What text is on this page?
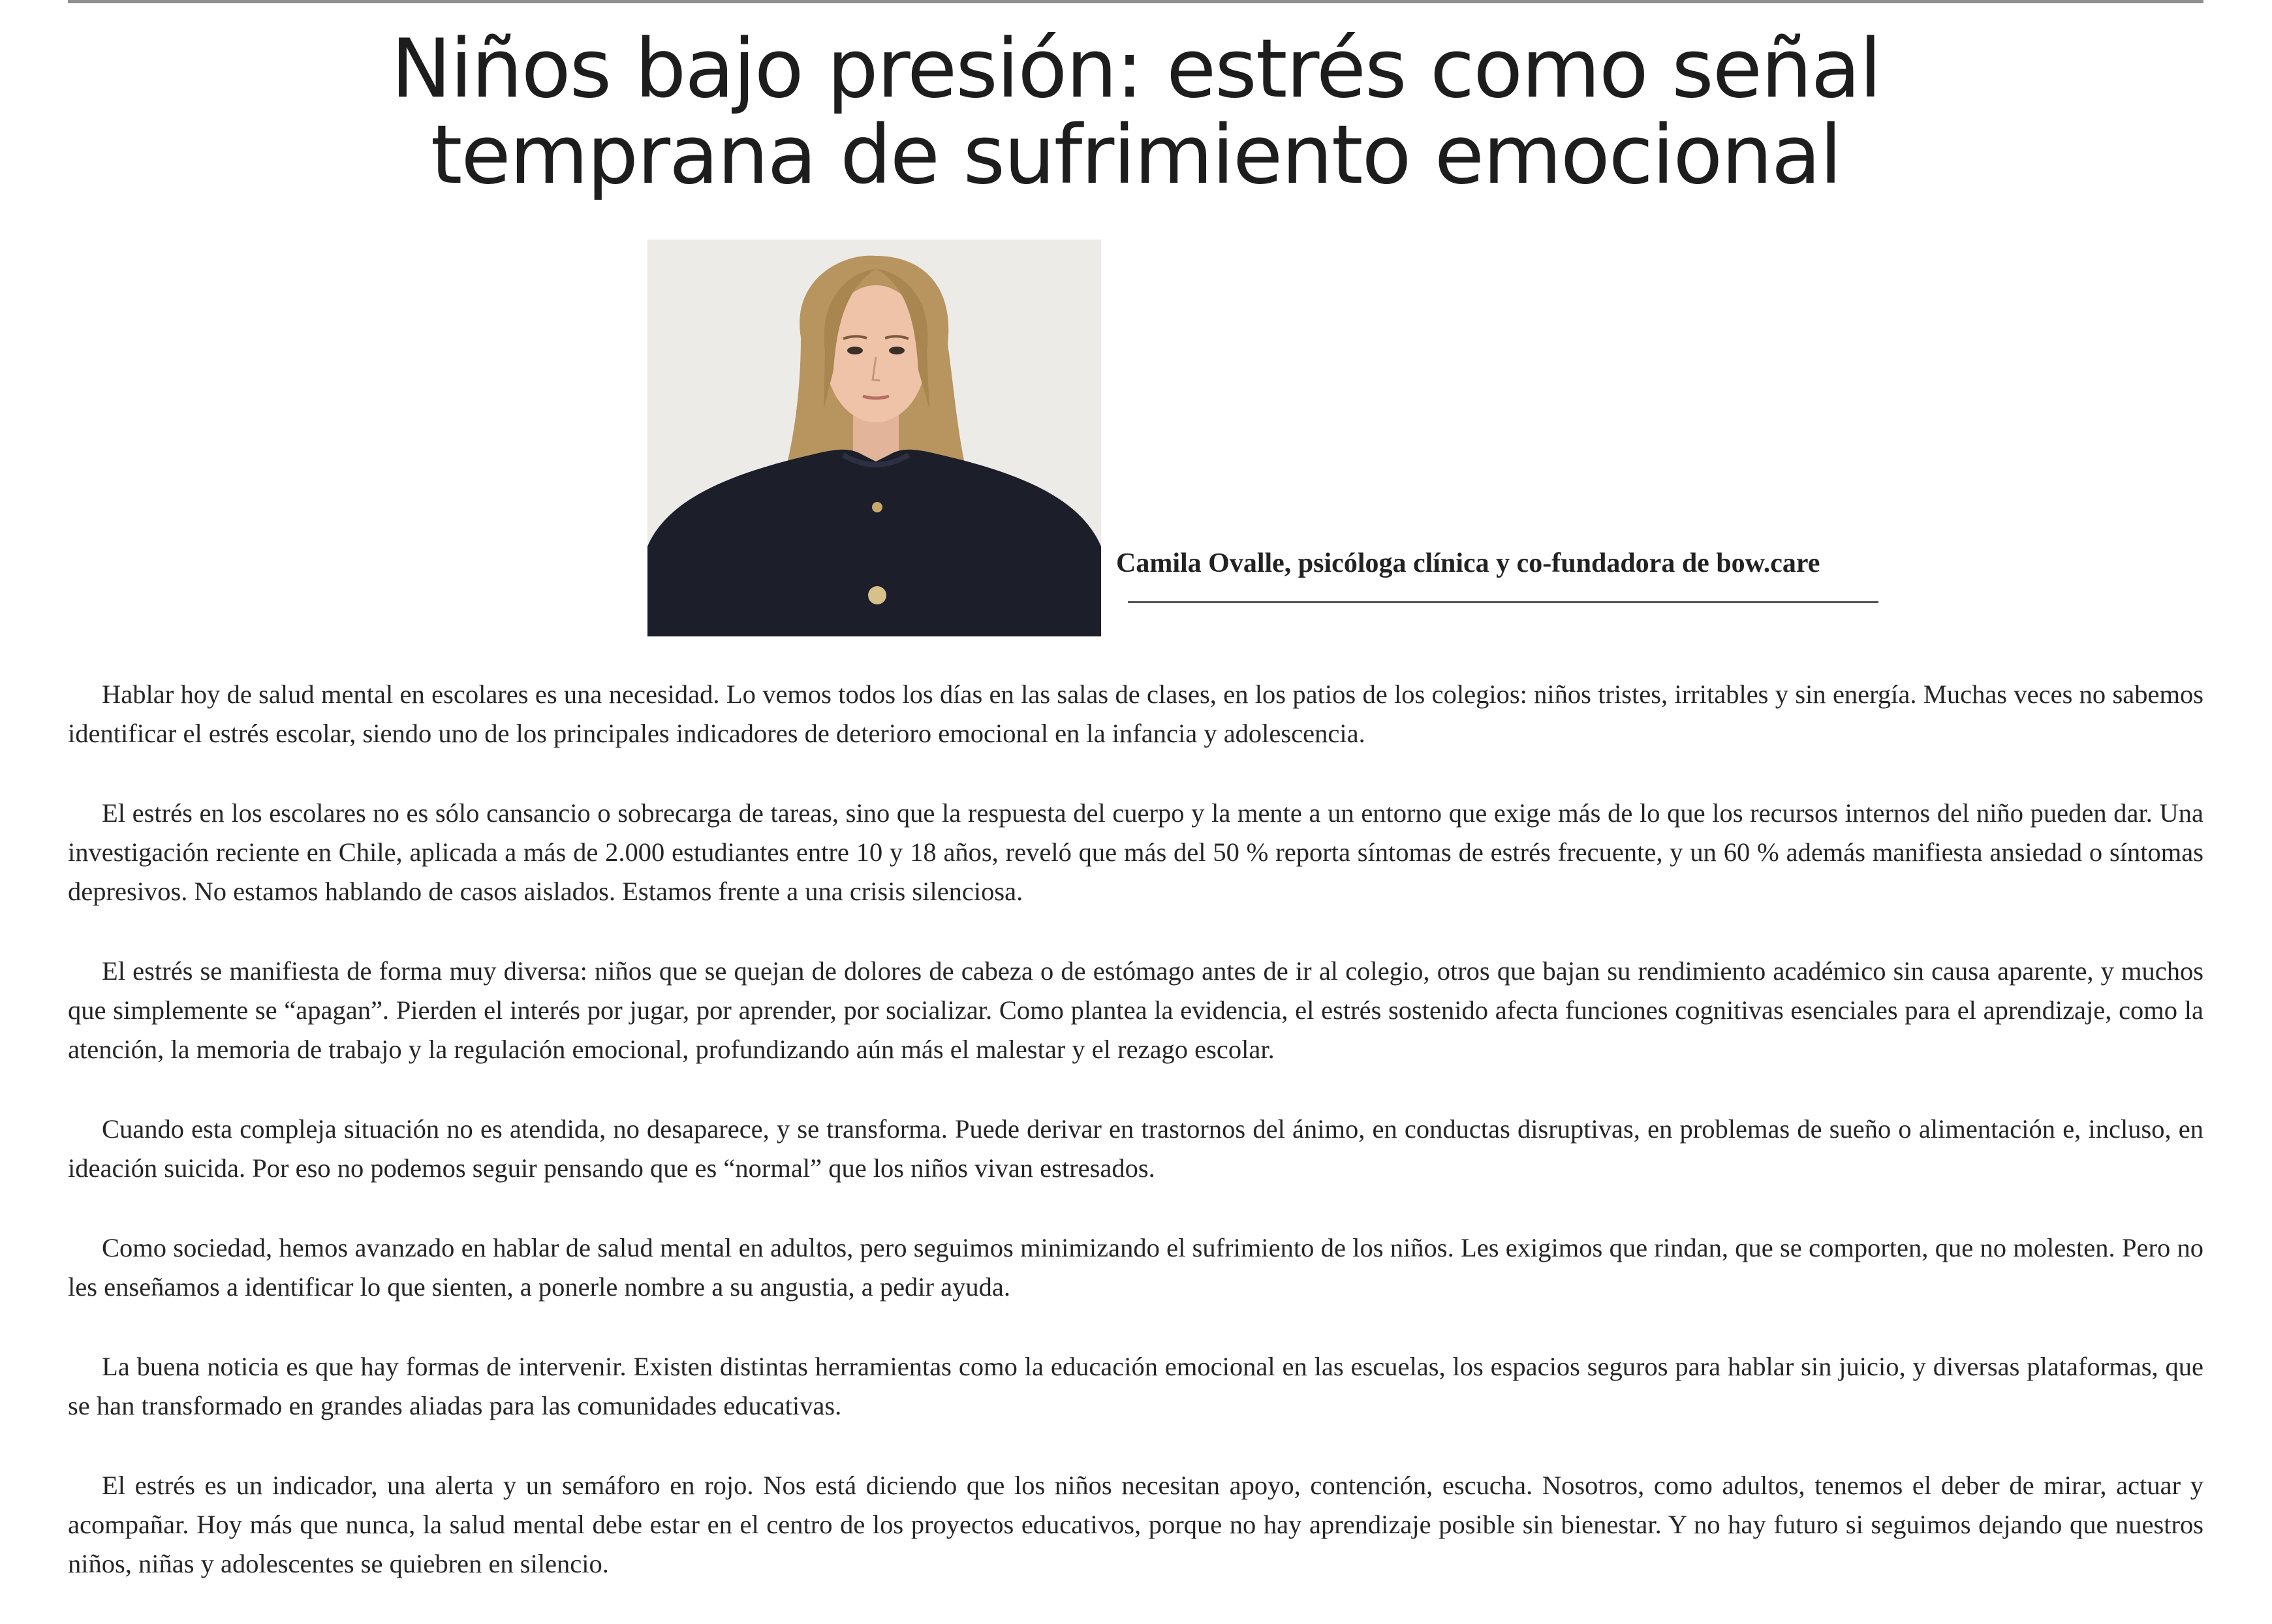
Niños bajo presión: estrés como señal
temprana de sufrimiento emocional
Camila Ovalle, psicóloga clínica y co-fundadora de bow.care

Hablar hoy de salud mental en escolares es una necesidad. Lo vemos todos los días en las salas de clases, en los patios de los colegios: niños tristes, irritables y sin energía. Muchas veces no sabemos identificar el estrés escolar, siendo uno de los principales indicadores de deterioro emocional en la infancia y adolescencia.

El estrés en los escolares no es sólo cansancio o sobrecarga de tareas, sino que la respuesta del cuerpo y la mente a un entorno que exige más de lo que los recursos internos del niño pueden dar. Una investigación reciente en Chile, aplicada a más de 2.000 estudiantes entre 10 y 18 años, reveló que más del 50 % reporta síntomas de estrés frecuente, y un 60 % además manifiesta ansiedad o síntomas depresivos. No estamos hablando de casos aislados. Estamos frente a una crisis silenciosa.

El estrés se manifiesta de forma muy diversa: niños que se quejan de dolores de cabeza o de estómago antes de ir al colegio, otros que bajan su rendimiento académico sin causa aparente, y muchos que simplemente se “apagan”. Pierden el interés por jugar, por aprender, por socializar. Como plantea la evidencia, el estrés sostenido afecta funciones cognitivas esenciales para el aprendizaje, como la atención, la memoria de trabajo y la regulación emocional, profundizando aún más el malestar y el rezago escolar.

Cuando esta compleja situación no es atendida, no desaparece, y se transforma. Puede derivar en trastornos del ánimo, en conductas disruptivas, en problemas de sueño o alimentación e, incluso, en ideación suicida. Por eso no podemos seguir pensando que es “normal” que los niños vivan estresados.

Como sociedad, hemos avanzado en hablar de salud mental en adultos, pero seguimos minimizando el sufrimiento de los niños. Les exigimos que rindan, que se comporten, que no molesten. Pero no les enseñamos a identificar lo que sienten, a ponerle nombre a su angustia, a pedir ayuda.

La buena noticia es que hay formas de intervenir. Existen distintas herramientas como la educación emocional en las escuelas, los espacios seguros para hablar sin juicio, y diversas plataformas, que se han transformado en grandes aliadas para las comunidades educativas.

El estrés es un indicador, una alerta y un semáforo en rojo. Nos está diciendo que los niños necesitan apoyo, contención, escucha. Nosotros, como adultos, tenemos el deber de mirar, actuar y acompañar. Hoy más que nunca, la salud mental debe estar en el centro de los proyectos educativos, porque no hay aprendizaje posible sin bienestar. Y no hay futuro si seguimos dejando que nuestros niños, niñas y adolescentes se quiebren en silencio.
